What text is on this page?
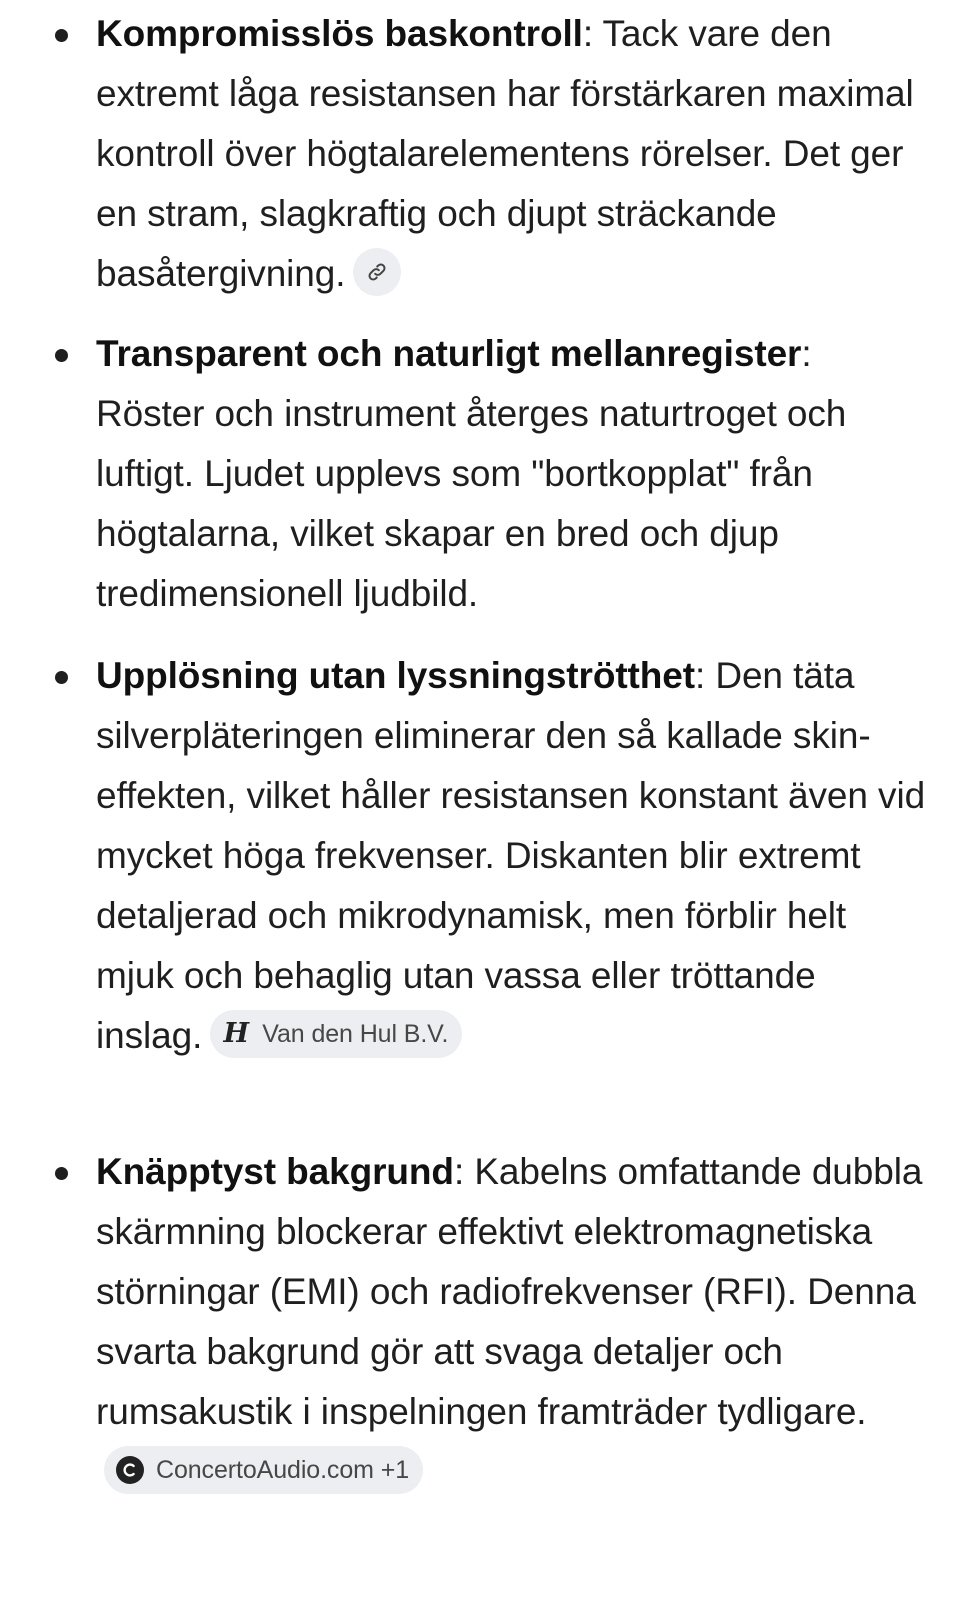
Kompromisslös baskontroll: Tack vare den extremt låga resistansen har förstärkaren maximal kontroll över högtalarelementens rörelser. Det ger en stram, slagkraftig och djupt sträckande basåtergivning.
Transparent och naturligt mellanregister: Röster och instrument återges naturtroget och luftigt. Ljudet upplevs som "bortkopplat" från högtalarna, vilket skapar en bred och djup tredimensionell ljudbild.
Upplösning utan lyssningströtthet: Den täta silverpläteringen eliminerar den så kallade skin-effekten, vilket håller resistansen konstant även vid mycket höga frekvenser. Diskanten blir extremt detaljerad och mikrodynamisk, men förblir helt mjuk och behaglig utan vassa eller tröttande inslag. H Van den Hul B.V.
Knäpptyst bakgrund: Kabelns omfattande dubbla skärmning blockerar effektivt elektromagnetiska störningar (EMI) och radiofrekvenser (RFI). Denna svarta bakgrund gör att svaga detaljer och rumsakustik i inspelningen framträder tydligare.
ConcertoAudio.com +1
